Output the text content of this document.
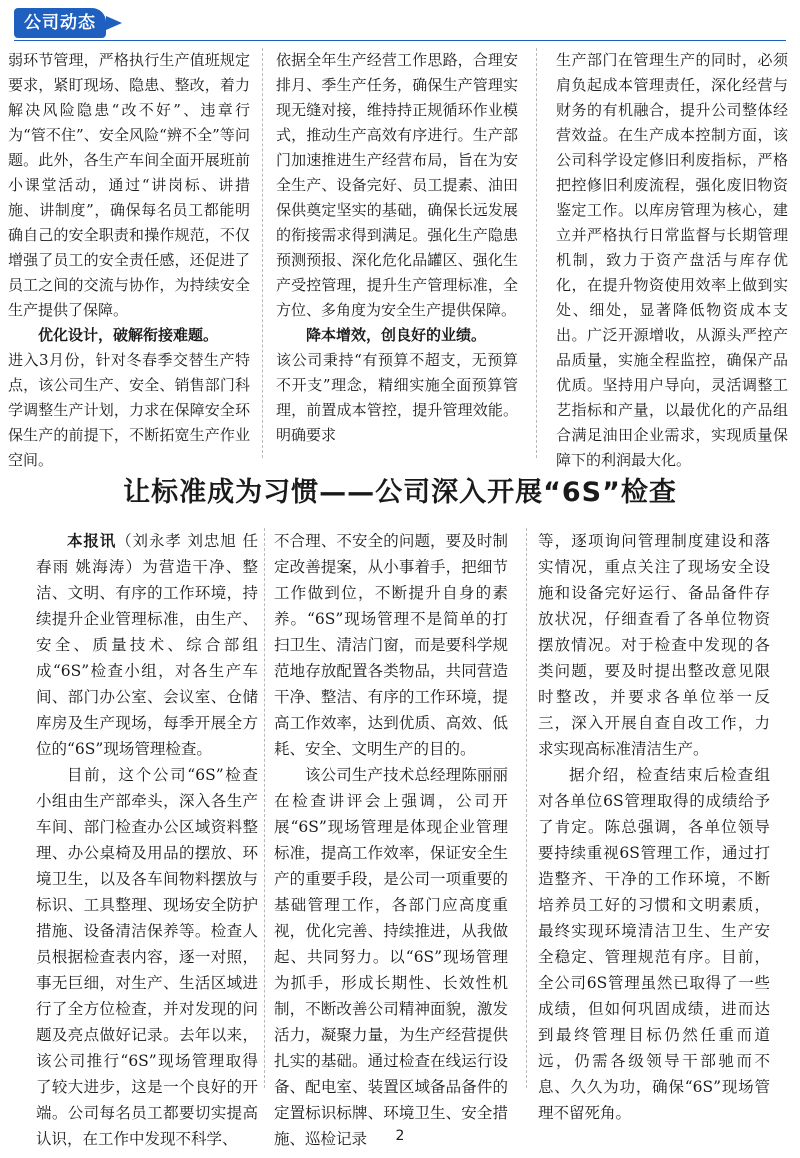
公司动态

弱环节管理，严格执行生产值班规定要求，紧盯现场、隐患、整改，着力解决风险隐患“改不好”、违章行为“管不住”、安全风险“辨不全”等问题。此外，各生产车间全面开展班前小课堂活动，通过“讲岗标、讲措施、讲制度”，确保每名员工都能明确自己的安全职责和操作规范，不仅增强了员工的安全责任感，还促进了员工之间的交流与协作，为持续安全生产提供了保障。

优化设计，破解衔接难题。

进入3月份，针对冬春季交替生产特点，该公司生产、安全、销售部门科学调整生产计划，力求在保障安全环保生产的前提下，不断拓宽生产作业空间。

依据全年生产经营工作思路，合理安排月、季生产任务，确保生产管理实现无缝对接，维持持正规循环作业模式，推动生产高效有序进行。生产部门加速推进生产经营布局，旨在为安全生产、设备完好、员工提素、油田保供奠定坚实的基础，确保长远发展的衔接需求得到满足。强化生产隐患预测预报、深化危化品罐区、强化生产受控管理，提升生产管理标准，全方位、多角度为安全生产提供保障。

降本增效，创良好的业绩。

该公司秉持“有预算不超支，无预算不开支”理念，精细实施全面预算管理，前置成本管控，提升管理效能。明确要求

生产部门在管理生产的同时，必须肩负起成本管理责任，深化经营与财务的有机融合，提升公司整体经营效益。在生产成本控制方面，该公司科学设定修旧利废指标，严格把控修旧利废流程，强化废旧物资鉴定工作。以库房管理为核心，建立并严格执行日常监督与长期管理机制，致力于资产盘活与库存优化，在提升物资使用效率上做到实处、细处，显著降低物资成本支出。广泛开源增收，从源头严控产品质量，实施全程监控，确保产品优质。坚持用户导向，灵活调整工艺指标和产量，以最优化的产品组合满足油田企业需求，实现质量保障下的利润最大化。

让标准成为习惯——公司深入开展“6S”检查

本报讯（刘永孝 刘忠旭 任春雨 姚海涛）为营造干净、整洁、文明、有序的工作环境，持续提升企业管理标准，由生产、安全、质量技术、综合部组成“6S”检查小组，对各生产车间、部门办公室、会议室、仓储库房及生产现场，每季开展全方位的“6S”现场管理检查。

目前，这个公司“6S”检查小组由生产部牵头，深入各生产车间、部门检查办公区域资料整理、办公桌椅及用品的摆放、环境卫生，以及各车间物料摆放与标识、工具整理、现场安全防护措施、设备清洁保养等。检查人员根据检查表内容，逐一对照，事无巨细，对生产、生活区域进行了全方位检查，并对发现的问题及亮点做好记录。去年以来，该公司推行“6S”现场管理取得了较大进步，这是一个良好的开端。公司每名员工都要切实提高认识，在工作中发现不科学、

不合理、不安全的问题，要及时制定改善提案，从小事着手，把细节工作做到位，不断提升自身的素养。“6S”现场管理不是简单的打扫卫生、清洁门窗，而是要科学规范地存放配置各类物品，共同营造干净、整洁、有序的工作环境，提高工作效率，达到优质、高效、低耗、安全、文明生产的目的。

该公司生产技术总经理陈丽丽在检查讲评会上强调，公司开展“6S”现场管理是体现企业管理标准，提高工作效率，保证安全生产的重要手段，是公司一项重要的基础管理工作，各部门应高度重视，优化完善、持续推进，从我做起、共同努力。以“6S”现场管理为抓手，形成长期性、长效性机制，不断改善公司精神面貌，激发活力，凝聚力量，为生产经营提供扎实的基础。通过检查在线运行设备、配电室、装置区域备品备件的定置标识标牌、环境卫生、安全措施、巡检记录

等，逐项询问管理制度建设和落实情况，重点关注了现场安全设施和设备完好运行、备品备件存放状况，仔细查看了各单位物资摆放情况。对于检查中发现的各类问题，要及时提出整改意见限时整改，并要求各单位举一反三，深入开展自查自改工作，力求实现高标准清洁生产。

据介绍，检查结束后检查组对各单位6S管理取得的成绩给予了肯定。陈总强调，各单位领导要持续重视6S管理工作，通过打造整齐、干净的工作环境，不断培养员工好的习惯和文明素质，最终实现环境清洁卫生、生产安全稳定、管理规范有序。目前，全公司6S管理虽然已取得了一些成绩，但如何巩固成绩，进而达到最终管理目标仍然任重而道远，仍需各级领导干部驰而不息、久久为功，确保“6S”现场管理不留死角。

2
